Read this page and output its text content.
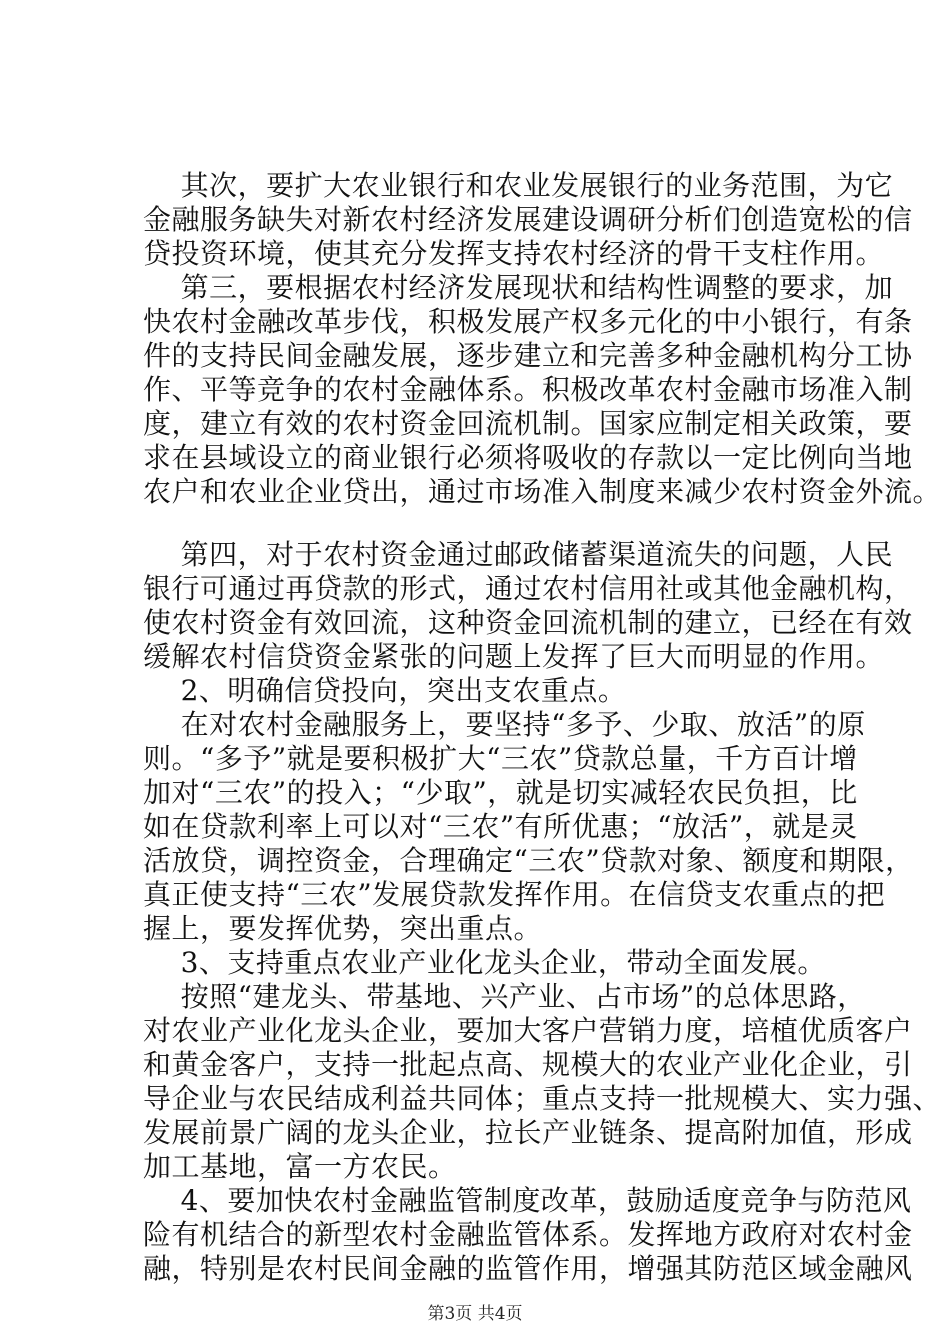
其次，要扩大农业银行和农业发展银行的业务范围，为它
金融服务缺失对新农村经济发展建设调研分析们创造宽松的信
贷投资环境，使其充分发挥支持农村经济的骨干支柱作用。
第三，要根据农村经济发展现状和结构性调整的要求，加
快农村金融改革步伐，积极发展产权多元化的中小银行，有条
件的支持民间金融发展，逐步建立和完善多种金融机构分工协
作、平等竞争的农村金融体系。积极改革农村金融市场准入制
度，建立有效的农村资金回流机制。国家应制定相关政策，要
求在县域设立的商业银行必须将吸收的存款以一定比例向当地
农户和农业企业贷出，通过市场准入制度来减少农村资金外流。
第四，对于农村资金通过邮政储蓄渠道流失的问题，人民
银行可通过再贷款的形式，通过农村信用社或其他金融机构，
使农村资金有效回流，这种资金回流机制的建立，已经在有效
缓解农村信贷资金紧张的问题上发挥了巨大而明显的作用。
2、明确信贷投向，突出支农重点。
在对农村金融服务上，要坚持“多予、少取、放活”的原
则。“多予”就是要积极扩大“三农”贷款总量，千方百计增
加对“三农”的投入；“少取”，就是切实减轻农民负担，比
如在贷款利率上可以对“三农”有所优惠；“放活”，就是灵
活放贷，调控资金，合理确定“三农”贷款对象、额度和期限，
真正使支持“三农”发展贷款发挥作用。在信贷支农重点的把
握上，要发挥优势，突出重点。
3、支持重点农业产业化龙头企业，带动全面发展。
按照“建龙头、带基地、兴产业、占市场”的总体思路，
对农业产业化龙头企业，要加大客户营销力度，培植优质客户
和黄金客户，支持一批起点高、规模大的农业产业化企业，引
导企业与农民结成利益共同体；重点支持一批规模大、实力强、
发展前景广阔的龙头企业，拉长产业链条、提高附加值，形成
加工基地，富一方农民。
4、要加快农村金融监管制度改革，鼓励适度竞争与防范风
险有机结合的新型农村金融监管体系。发挥地方政府对农村金
融，特别是农村民间金融的监管作用，增强其防范区域金融风
第3页 共4页
